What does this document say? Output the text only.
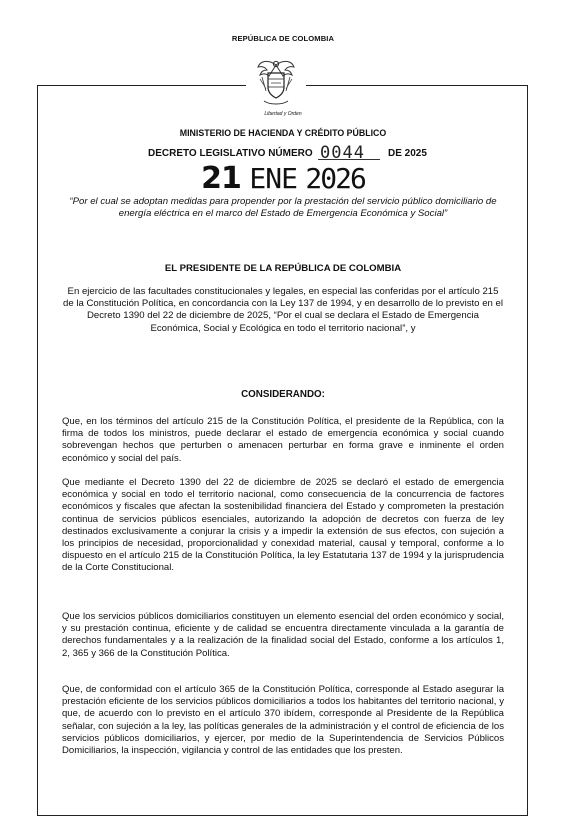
REPÚBLICA DE COLOMBIA
Libertad y Orden
MINISTERIO DE HACIENDA Y CRÉDITO PÚBLICO
DECRETO LEGISLATIVO NÚMERO 0044 DE 2025
21 ENE 2026
“Por el cual se adoptan medidas para propender por la prestación del servicio público domiciliario de energía eléctrica en el marco del Estado de Emergencia Económica y Social”
EL PRESIDENTE DE LA REPÚBLICA DE COLOMBIA
En ejercicio de las facultades constitucionales y legales, en especial las conferidas por el artículo 215 de la Constitución Política, en concordancia con la Ley 137 de 1994, y en desarrollo de lo previsto en el Decreto 1390 del 22 de diciembre de 2025, “Por el cual se declara el Estado de Emergencia Económica, Social y Ecológica en todo el territorio nacional”, y
CONSIDERANDO:

Que, en los términos del artículo 215 de la Constitución Política, el presidente de la República, con la firma de todos los ministros, puede declarar el estado de emergencia económica y social cuando sobrevengan hechos que perturben o amenacen perturbar en forma grave e inminente el orden económico y social del país.

Que mediante el Decreto 1390 del 22 de diciembre de 2025 se declaró el estado de emergencia económica y social en todo el territorio nacional, como consecuencia de la concurrencia de factores económicos y fiscales que afectan la sostenibilidad financiera del Estado y comprometen la prestación continua de servicios públicos esenciales, autorizando la adopción de decretos con fuerza de ley destinados exclusivamente a conjurar la crisis y a impedir la extensión de sus efectos, con sujeción a los principios de necesidad, proporcionalidad y conexidad material, causal y temporal, conforme a lo dispuesto en el artículo 215 de la Constitución Política, la ley Estatutaria 137 de 1994 y la jurisprudencia de la Corte Constitucional.

Que los servicios públicos domiciliarios constituyen un elemento esencial del orden económico y social, y su prestación continua, eficiente y de calidad se encuentra directamente vinculada a la garantía de derechos fundamentales y a la realización de la finalidad social del Estado, conforme a los artículos 1, 2, 365 y 366 de la Constitución Política.

Que, de conformidad con el artículo 365 de la Constitución Política, corresponde al Estado asegurar la prestación eficiente de los servicios públicos domiciliarios a todos los habitantes del territorio nacional, y que, de acuerdo con lo previsto en el artículo 370 ibídem, corresponde al Presidente de la República señalar, con sujeción a la ley, las políticas generales de la administración y el control de eficiencia de los servicios públicos domiciliarios, y ejercer, por medio de la Superintendencia de Servicios Públicos Domiciliarios, la inspección, vigilancia y control de las entidades que los presten.
